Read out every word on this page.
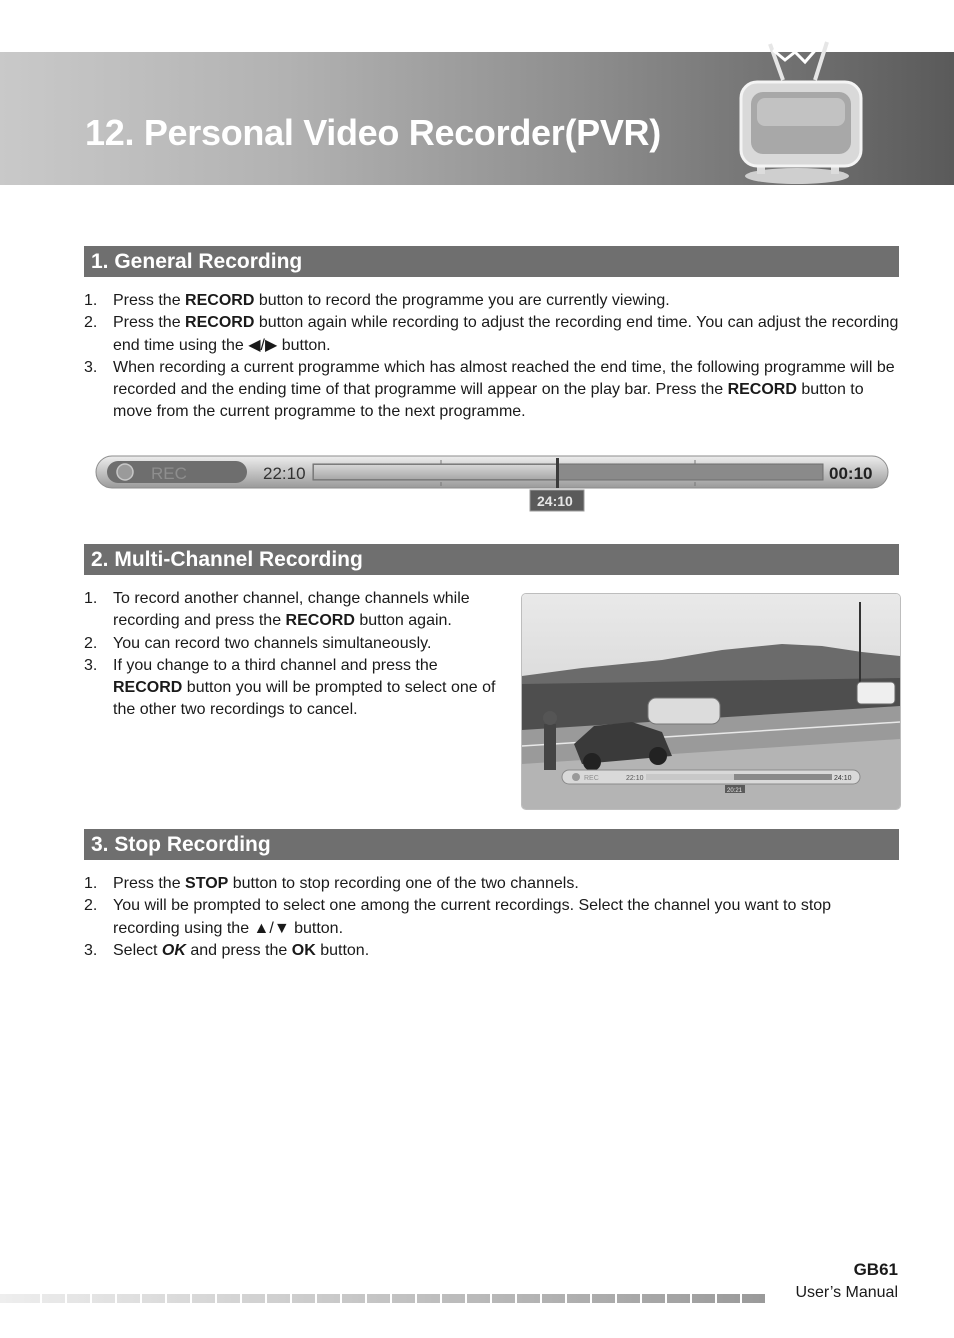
12. Personal Video Recorder(PVR)
1. General Recording
1. Press the RECORD button to record the programme you are currently viewing.
2. Press the RECORD button again while recording to adjust the recording end time. You can adjust the recording end time using the ◀/▶ button.
3. When recording a current programme which has almost reached the end time, the following programme will be recorded and the ending time of that programme will appear on the play bar. Press the RECORD button to move from the current programme to the next programme.
REC	22:10	00:10
24:10
2. Multi-Channel Recording
1. To record another channel, change channels while recording and press the RECORD button again.
2. You can record two channels simultaneously.
3. If you change to a third channel and press the RECORD button you will be prompted to select one of the other two recordings to cancel.
REC	22:10	24:10
20:21
3. Stop Recording
1. Press the STOP button to stop recording one of the two channels.
2. You will be prompted to select one among the current recordings. Select the channel you want to stop recording using the ▲/▼ button.
3. Select OK and press the OK button.
GB61
User’s Manual
